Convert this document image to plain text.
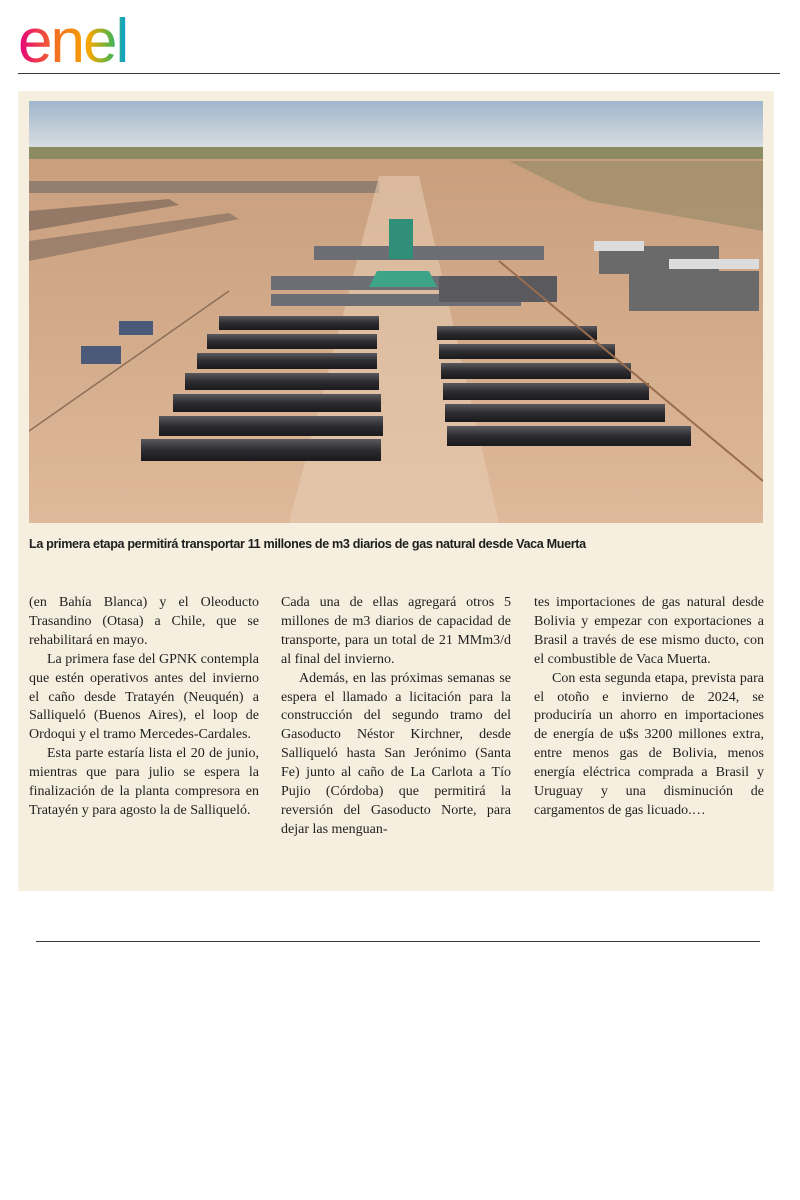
enel
La primera etapa permitirá transportar 11 millones de m3 diarios de gas natural desde Vaca Muerta

(en Bahía Blanca) y el Oleoducto Trasandino (Otasa) a Chile, que se rehabilitará en mayo.

La primera fase del GPNK contempla que estén operativos antes del invierno el caño desde Tratayén (Neuquén) a Salliqueló (Buenos Aires), el loop de Ordoqui y el tramo Mercedes-Cardales.

Esta parte estaría lista el 20 de junio, mientras que para julio se espera la finalización de la planta compresora en Tratayén y para agosto la de Salliqueló.

Cada una de ellas agregará otros 5 millones de m3 diarios de capacidad de transporte, para un total de 21 MMm3/d al final del invierno.

Además, en las próximas semanas se espera el llamado a licitación para la construcción del segundo tramo del Gasoducto Néstor Kirchner, desde Salliqueló hasta San Jerónimo (Santa Fe) junto al caño de La Carlota a Tío Pujio (Córdoba) que permitirá la reversión del Gasoducto Norte, para dejar las menguan-

tes importaciones de gas natural desde Bolivia y empezar con exportaciones a Brasil a través de ese mismo ducto, con el combustible de Vaca Muerta.

Con esta segunda etapa, prevista para el otoño e invierno de 2024, se produciría un ahorro en importaciones de energía de u$s 3200 millones extra, entre menos gas de Bolivia, menos energía eléctrica comprada a Brasil y Uruguay y una disminución de cargamentos de gas licuado.…
